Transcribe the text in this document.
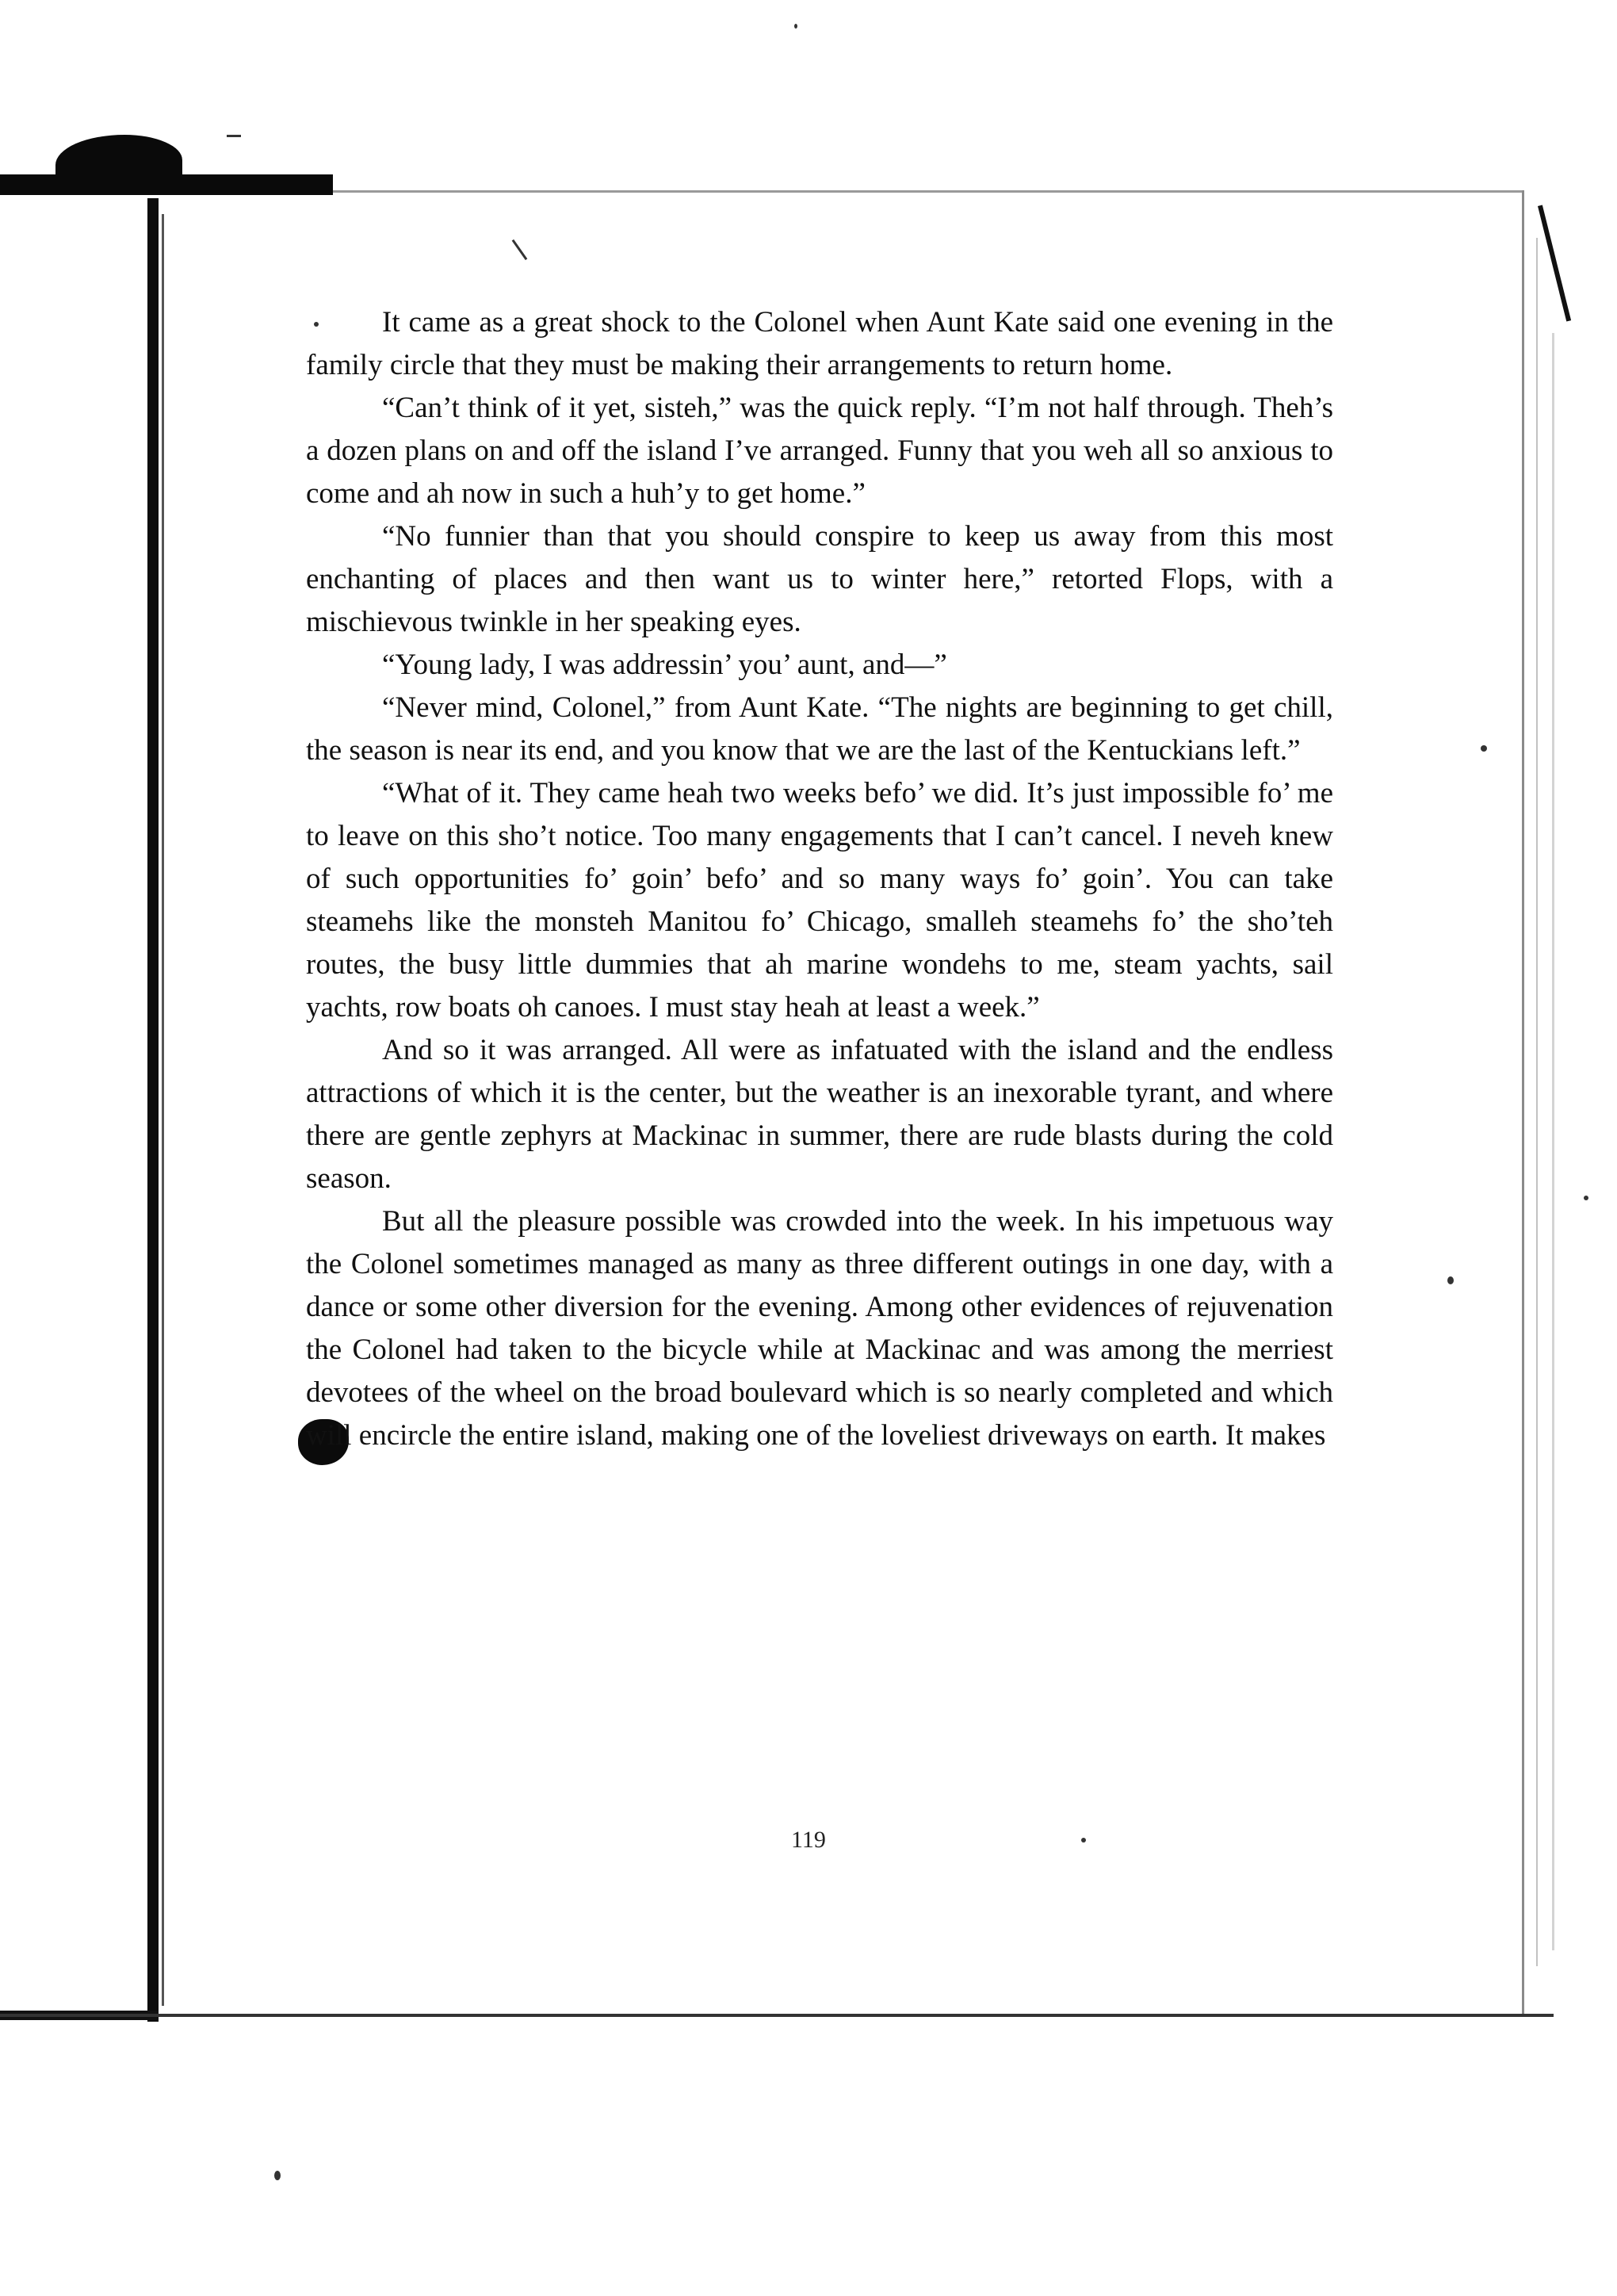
It came as a great shock to the Colonel when Aunt Kate said one evening in the family circle that they must be making their arrangements to return home.

“Can’t think of it yet, sisteh,” was the quick reply. “I’m not half through. Theh’s a dozen plans on and off the island I’ve arranged. Funny that you weh all so anxious to come and ah now in such a huh’y to get home.”

“No funnier than that you should conspire to keep us away from this most enchanting of places and then want us to winter here,” retorted Flops, with a mischievous twinkle in her speaking eyes.

“Young lady, I was addressin’ you’ aunt, and—”

“Never mind, Colonel,” from Aunt Kate. “The nights are beginning to get chill, the season is near its end, and you know that we are the last of the Kentuckians left.”

“What of it. They came heah two weeks befo’ we did. It’s just impossible fo’ me to leave on this sho’t notice. Too many engagements that I can’t cancel. I neveh knew of such opportunities fo’ goin’ befo’ and so many ways fo’ goin’. You can take steamehs like the monsteh Manitou fo’ Chicago, smalleh steamehs fo’ the sho’teh routes, the busy little dummies that ah marine wondehs to me, steam yachts, sail yachts, row boats oh canoes. I must stay heah at least a week.”

And so it was arranged. All were as infatuated with the island and the endless attractions of which it is the center, but the weather is an inexorable tyrant, and where there are gentle zephyrs at Mackinac in summer, there are rude blasts during the cold season.

But all the pleasure possible was crowded into the week. In his impetuous way the Colonel sometimes managed as many as three different outings in one day, with a dance or some other diversion for the evening. Among other evidences of rejuvenation the Colonel had taken to the bicycle while at Mackinac and was among the merriest devotees of the wheel on the broad boulevard which is so nearly completed and which will encircle the entire island, making one of the loveliest driveways on earth. It makes

119
